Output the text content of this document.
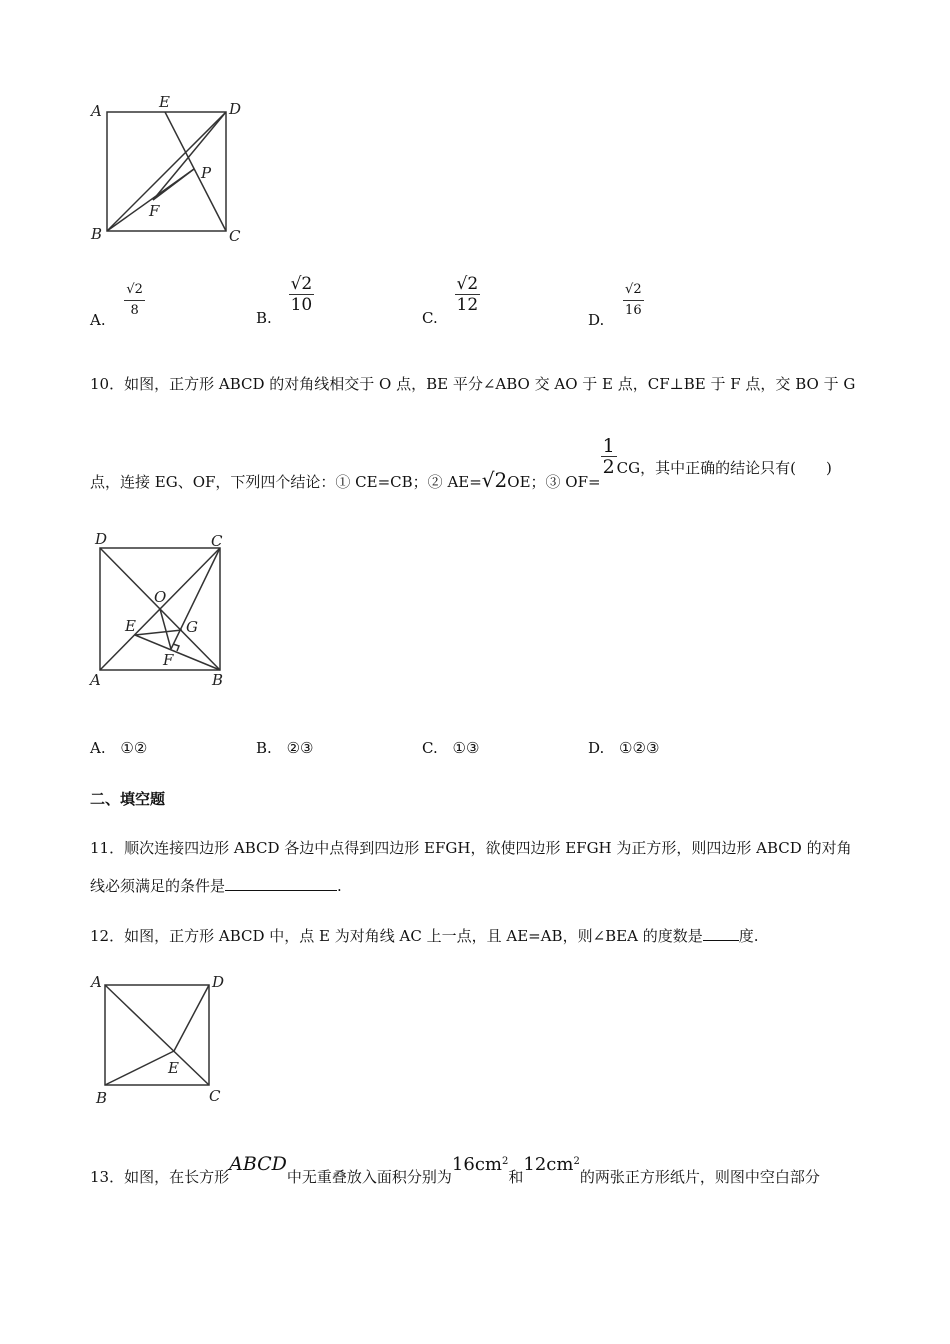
A	E	D
P
F
B	C
A. $\frac{√2}{8}$	B.
$\frac{√2}{10}$
C.
$\frac{√2}{12}$
D. $\frac{√2}{16}$
10．如图，正方形 ABCD 的对角线相交于 O 点，BE 平分∠ABO 交 AO 于 E 点，CF⊥BE 于 F 点，交 BO 于 G
点，连接 EG、OF，下列四个结论：① CE=CB；② AE=√2OE；③ OF=
$\frac{1}{2}$ CG，其中正确的结论只有(　　)
D	C
O
E	G
F
A	B
A. ①②	B. ②③	C. ①③	D. ①②③
二、填空题
11．顺次连接四边形 ABCD 各边中点得到四边形 EFGH，欲使四边形 EFGH 为正方形，则四边形 ABCD 的对角
线必须满足的条件是	.
12．如图，正方形 ABCD 中，点 E 为对角线 AC 上一点，且 AE=AB，则∠BEA 的度数是 度.
A	D
E
B	C
13．如图，在长方形ABCD中无重叠放入面积分别为$16cm^2$和$12cm^2$的两张正方形纸片，则图中空白部分
